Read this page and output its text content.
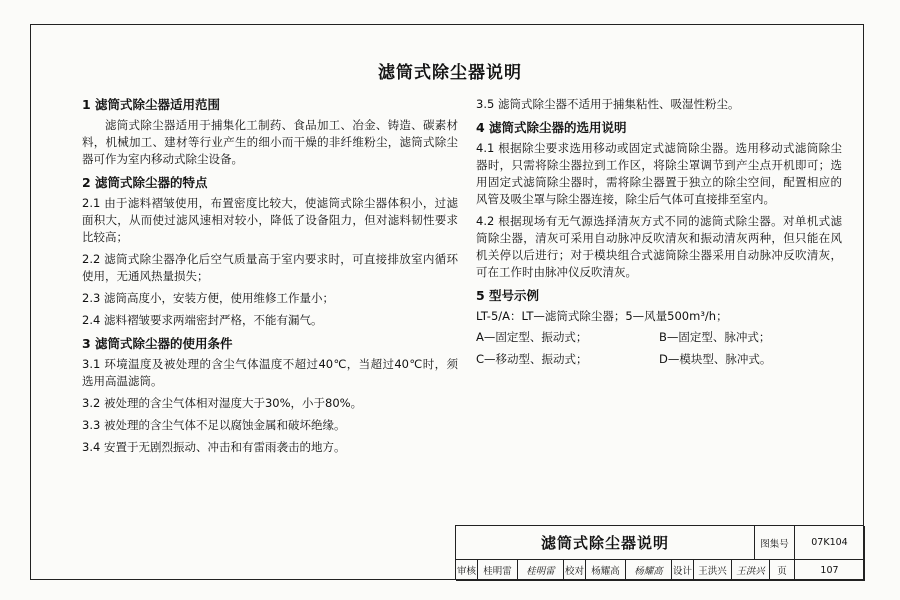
滤筒式除尘器说明
1 滤筒式除尘器适用范围
滤筒式除尘器适用于捕集化工制药、食品加工、冶金、铸造、碳素材料，机械加工、建材等行业产生的细小而干燥的非纤维粉尘，滤筒式除尘器可作为室内移动式除尘设备。
2 滤筒式除尘器的特点
2.1 由于滤料褶皱使用，布置密度比较大，使滤筒式除尘器体积小，过滤面积大，从而使过滤风速相对较小，降低了设备阻力，但对滤料韧性要求比较高；
2.2 滤筒式除尘器净化后空气质量高于室内要求时，可直接排放室内循环使用，无通风热量损失；
2.3 滤筒高度小，安装方便，使用维修工作量小；
2.4 滤料褶皱要求两端密封严格，不能有漏气。
3 滤筒式除尘器的使用条件
3.1 环境温度及被处理的含尘气体温度不超过40℃，当超过40℃时，须选用高温滤筒。
3.2 被处理的含尘气体相对湿度大于30%，小于80%。
3.3 被处理的含尘气体不足以腐蚀金属和破坏绝缘。
3.4 安置于无剧烈振动、冲击和有雷雨袭击的地方。
3.5 滤筒式除尘器不适用于捕集粘性、吸湿性粉尘。
4 滤筒式除尘器的选用说明
4.1 根据除尘要求选用移动或固定式滤筒除尘器。选用移动式滤筒除尘器时，只需将除尘器拉到工作区，将除尘罩调节到产尘点开机即可；选用固定式滤筒除尘器时，需将除尘器置于独立的除尘空间，配置相应的风管及吸尘罩与除尘器连接，除尘后气体可直接排至室内。
4.2 根据现场有无气源选择清灰方式不同的滤筒式除尘器。对单机式滤筒除尘器，清灰可采用自动脉冲反吹清灰和振动清灰两种，但只能在风机关停以后进行；对于模块组合式滤筒除尘器采用自动脉冲反吹清灰，可在工作时由脉冲仪反吹清灰。
5 型号示例
LT-5/A：LT—滤筒式除尘器；5—风量500m³/h；
A—固定型、振动式；	B—固定型、脉冲式；
C—移动型、振动式；	D—模块型、脉冲式。
滤筒式除尘器说明	图集号	07K104
审核 桂明雷	桂明雷	校对 杨耀高	杨耀高	设计 王洪兴 王洪兴	页	107
